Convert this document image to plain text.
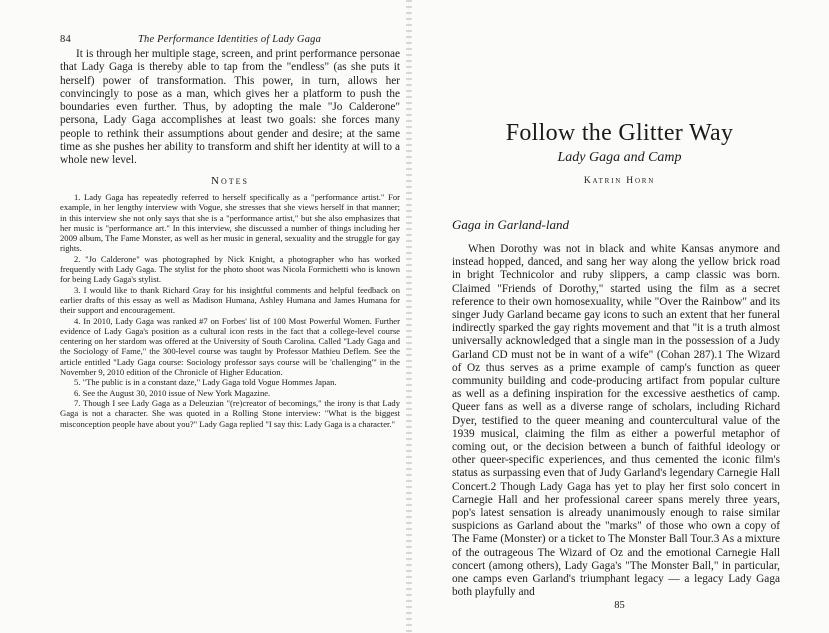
84	The Performance Identities of Lady Gaga

It is through her multiple stage, screen, and print performance personae that Lady Gaga is thereby able to tap from the "endless" (as she puts it herself) power of transformation. This power, in turn, allows her convincingly to pose as a man, which gives her a platform to push the boundaries even further. Thus, by adopting the male "Jo Calderone" persona, Lady Gaga accomplishes at least two goals: she forces many people to rethink their assumptions about gender and desire; at the same time as she pushes her ability to transform and shift her identity at will to a whole new level.

Notes

1. Lady Gaga has repeatedly referred to herself specifically as a "performance artist." For example, in her lengthy interview with Vogue, she stresses that she views herself in that manner; in this interview she not only says that she is a "performance artist," but she also emphasizes that her music is "performance art." In this interview, she discussed a number of things including her 2009 album, The Fame Monster, as well as her music in general, sexuality and the struggle for gay rights.

2. "Jo Calderone" was photographed by Nick Knight, a photographer who has worked frequently with Lady Gaga. The stylist for the photo shoot was Nicola Formichetti who is known for being Lady Gaga's stylist.

3. I would like to thank Richard Gray for his insightful comments and helpful feedback on earlier drafts of this essay as well as Madison Humana, Ashley Humana and James Humana for their support and encouragement.

4. In 2010, Lady Gaga was ranked #7 on Forbes' list of 100 Most Powerful Women. Further evidence of Lady Gaga's position as a cultural icon rests in the fact that a college-level course centering on her stardom was offered at the University of South Carolina. Called "Lady Gaga and the Sociology of Fame," the 300-level course was taught by Professor Mathieu Deflem. See the article entitled "Lady Gaga course: Sociology professor says course will be 'challenging'" in the November 9, 2010 edition of the Chronicle of Higher Education.

5. "The public is in a constant daze," Lady Gaga told Vogue Hommes Japan.

6. See the August 30, 2010 issue of New York Magazine.

7. Though I see Lady Gaga as a Deleuzian "(re)creator of becomings," the irony is that Lady Gaga is not a character. She was quoted in a Rolling Stone interview: "What is the biggest misconception people have about you?" Lady Gaga replied "I say this: Lady Gaga is a character."

Follow the Glitter Way
Lady Gaga and Camp
Katrin Horn
Gaga in Garland-land

When Dorothy was not in black and white Kansas anymore and instead hopped, danced, and sang her way along the yellow brick road in bright Technicolor and ruby slippers, a camp classic was born. Claimed "Friends of Dorothy," started using the film as a secret reference to their own homosexuality, while "Over the Rainbow" and its singer Judy Garland became gay icons to such an extent that her funeral indirectly sparked the gay rights movement and that "it is a truth almost universally acknowledged that a single man in the possession of a Judy Garland CD must not be in want of a wife" (Cohan 287).1 The Wizard of Oz thus serves as a prime example of camp's function as queer community building and code-producing artifact from popular culture as well as a defining inspiration for the excessive aesthetics of camp. Queer fans as well as a diverse range of scholars, including Richard Dyer, testified to the queer meaning and countercultural value of the 1939 musical, claiming the film as either a powerful metaphor of coming out, or the decision between a bunch of faithful ideology or other queer-specific experiences, and thus cemented the iconic film's status as surpassing even that of Judy Garland's legendary Carnegie Hall Concert.2 Though Lady Gaga has yet to play her first solo concert in Carnegie Hall and her professional career spans merely three years, pop's latest sensation is already unanimously enough to raise similar suspicions as Garland about the "marks" of those who own a copy of The Fame (Monster) or a ticket to The Monster Ball Tour.3 As a mixture of the outrageous The Wizard of Oz and the emotional Carnegie Hall concert (among others), Lady Gaga's "The Monster Ball," in particular, one camps even Garland's triumphant legacy — a legacy Lady Gaga both playfully and

85
